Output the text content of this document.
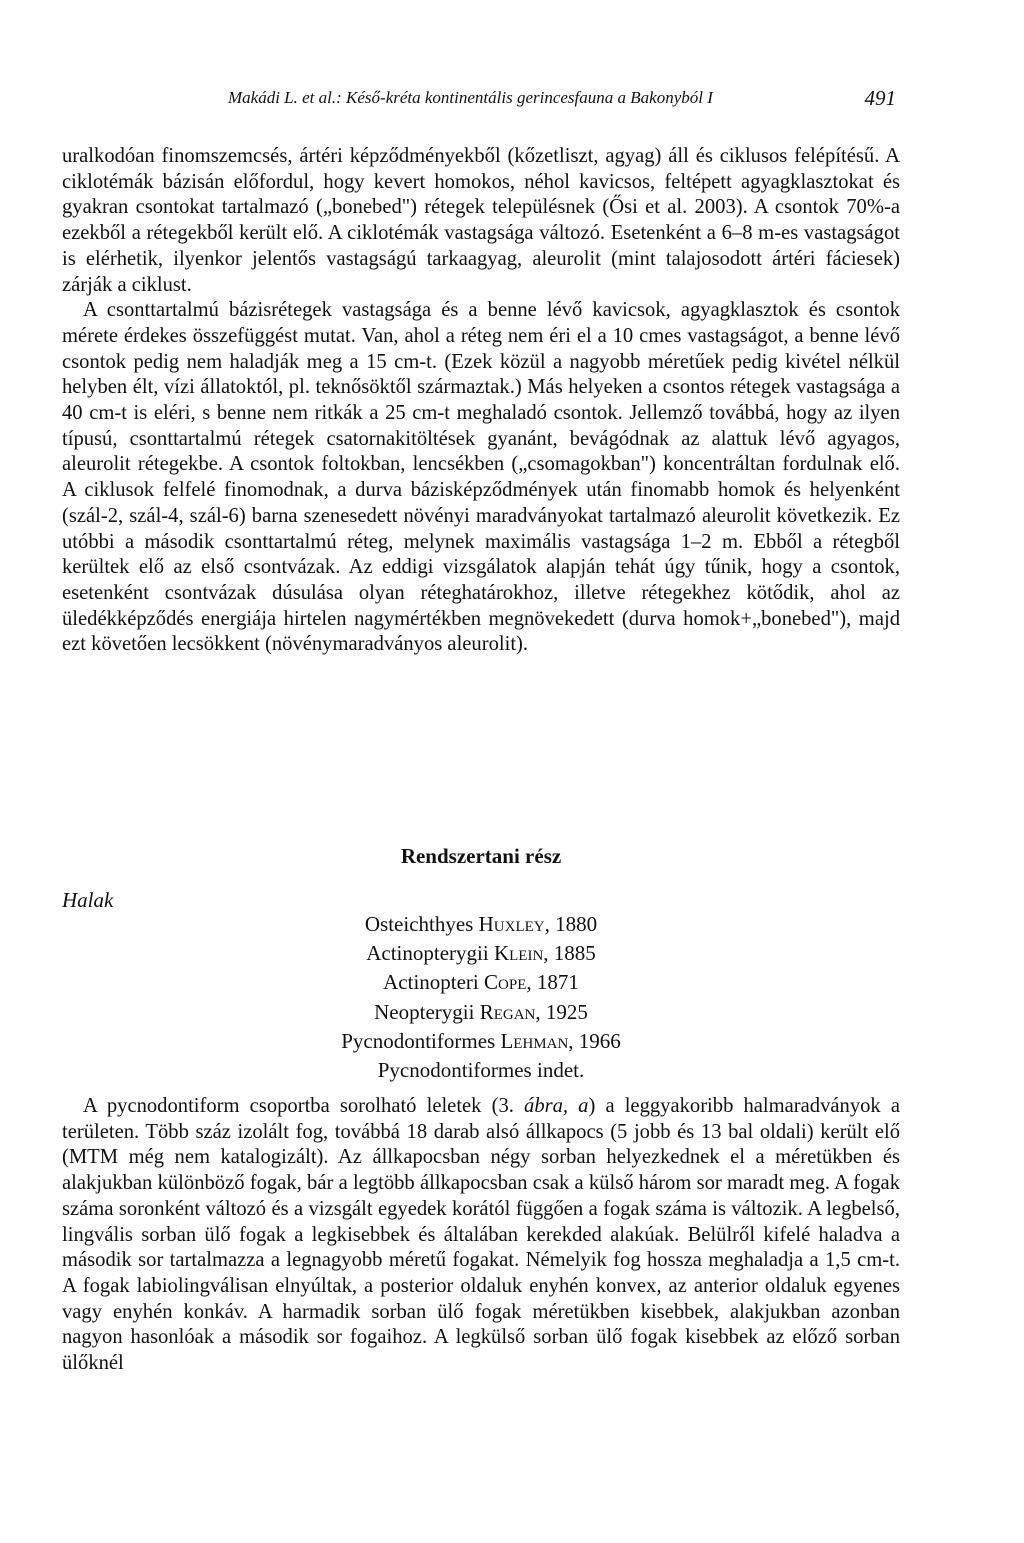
Makádi L. et al.: Késő-kréta kontinentális gerincesfauna a Bakonyból I	491

uralkodóan finomszemcsés, ártéri képződményekből (kőzetliszt, agyag) áll és ciklusos felépítésű. A ciklotémák bázisán előfordul, hogy kevert homokos, néhol kavicsos, feltépett agyagklasztokat és gyakran csontokat tartalmazó („bonebed") rétegek településnek (Ősi et al. 2003). A csontok 70%-a ezekből a rétegekből került elő. A ciklotémák vastagsága változó. Esetenként a 6–8 m-es vastagságot is elérhetik, ilyenkor jelentős vastagságú tarkaagyag, aleurolit (mint talajosodott ártéri fáciesek) zárják a ciklust.

A csonttartalmú bázisrétegek vastagsága és a benne lévő kavicsok, agyagklasztok és csontok mérete érdekes összefüggést mutat. Van, ahol a réteg nem éri el a 10 cmes vastagságot, a benne lévő csontok pedig nem haladják meg a 15 cm-t. (Ezek közül a nagyobb méretűek pedig kivétel nélkül helyben élt, vízi állatoktól, pl. teknősöktől származtak.) Más helyeken a csontos rétegek vastagsága a 40 cm-t is eléri, s benne nem ritkák a 25 cm-t meghaladó csontok. Jellemző továbbá, hogy az ilyen típusú, csonttartalmú rétegek csatornakitöltések gyanánt, bevágódnak az alattuk lévő agyagos, aleurolit rétegekbe. A csontok foltokban, lencsékben („csomagokban") koncentráltan fordulnak elő. A ciklusok felfelé finomodnak, a durva bázisképződmények után finomabb homok és helyenként (szál-2, szál-4, szál-6) barna szenesedett növényi maradványokat tartalmazó aleurolit következik. Ez utóbbi a második csonttartalmú réteg, melynek maximális vastagsága 1–2 m. Ebből a rétegből kerültek elő az első csontvázak. Az eddigi vizsgálatok alapján tehát úgy tűnik, hogy a csontok, esetenként csontvázak dúsulása olyan réteghatárokhoz, illetve rétegekhez kötődik, ahol az üledékképződés energiája hirtelen nagymértékben megnövekedett (durva homok+„bonebed"), majd ezt követően lecsökkent (növénymaradványos aleurolit).

Rendszertani rész
Halak
Osteichthyes Huxley, 1880
Actinopterygii Klein, 1885
Actinopteri Cope, 1871
Neopterygii Regan, 1925
Pycnodontiformes Lehman, 1966
Pycnodontiformes indet.

A pycnodontiform csoportba sorolható leletek (3. ábra, a) a leggyakoribb halmaradványok a területen. Több száz izolált fog, továbbá 18 darab alsó állkapocs (5 jobb és 13 bal oldali) került elő (MTM még nem katalogizált). Az állkapocsban négy sorban helyezkednek el a méretükben és alakjukban különböző fogak, bár a legtöbb állkapocsban csak a külső három sor maradt meg. A fogak száma soronként változó és a vizsgált egyedek korától függően a fogak száma is változik. A legbelső, lingvális sorban ülő fogak a legkisebbek és általában kerekded alakúak. Belülről kifelé haladva a második sor tartalmazza a legnagyobb méretű fogakat. Némelyik fog hossza meghaladja a 1,5 cm-t. A fogak labiolingválisan elnyúltak, a posterior oldaluk enyhén konvex, az anterior oldaluk egyenes vagy enyhén konkáv. A harmadik sorban ülő fogak méretükben kisebbek, alakjukban azonban nagyon hasonlóak a második sor fogaihoz. A legkülső sorban ülő fogak kisebbek az előző sorban ülőknél
